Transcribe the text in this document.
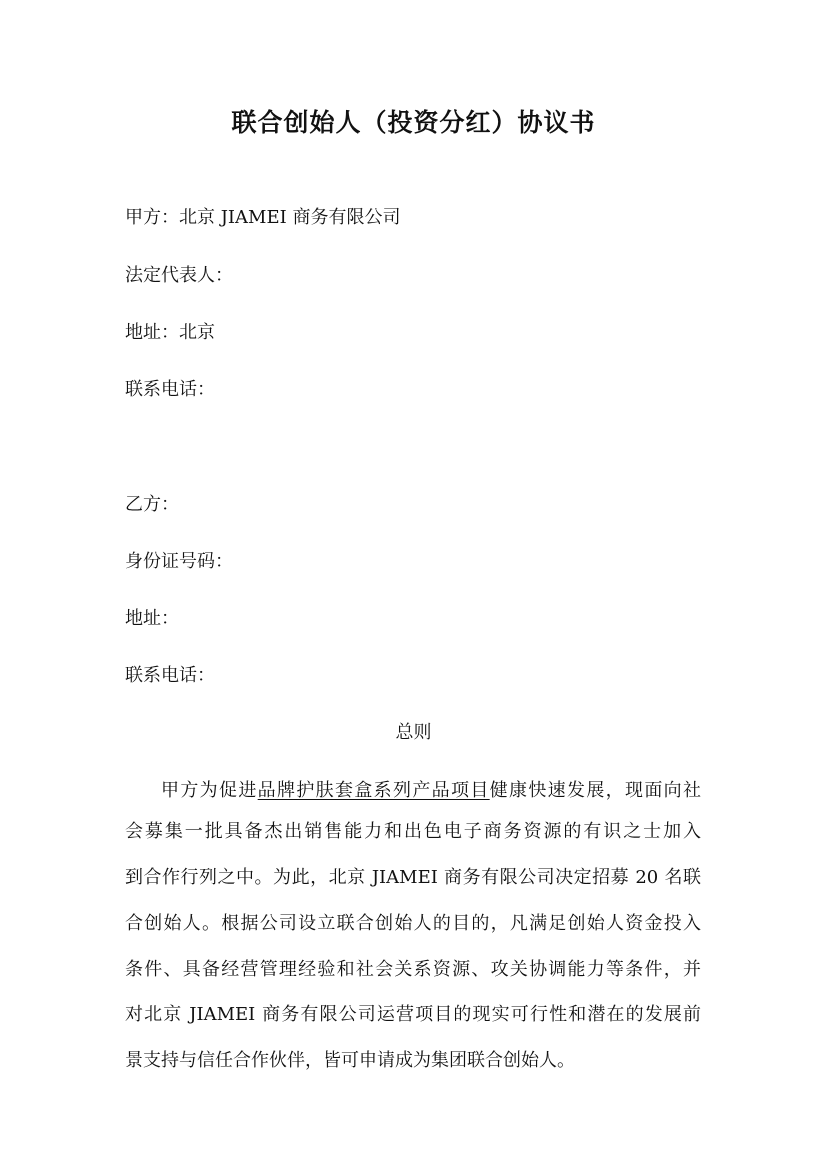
联合创始人（投资分红）协议书
甲方：北京 JIAMEI 商务有限公司
法定代表人：
地址：北京
联系电话：
乙方：
身份证号码：
地址：
联系电话：
总则
甲方为促进品牌护肤套盒系列产品项目健康快速发展，现面向社
会募集一批具备杰出销售能力和出色电子商务资源的有识之士加入
到合作行列之中。为此，北京 JIAMEI 商务有限公司决定招募 20 名联
合创始人。根据公司设立联合创始人的目的，凡满足创始人资金投入
条件、具备经营管理经验和社会关系资源、攻关协调能力等条件，并
对北京 JIAMEI 商务有限公司运营项目的现实可行性和潜在的发展前
景支持与信任合作伙伴，皆可申请成为集团联合创始人。
